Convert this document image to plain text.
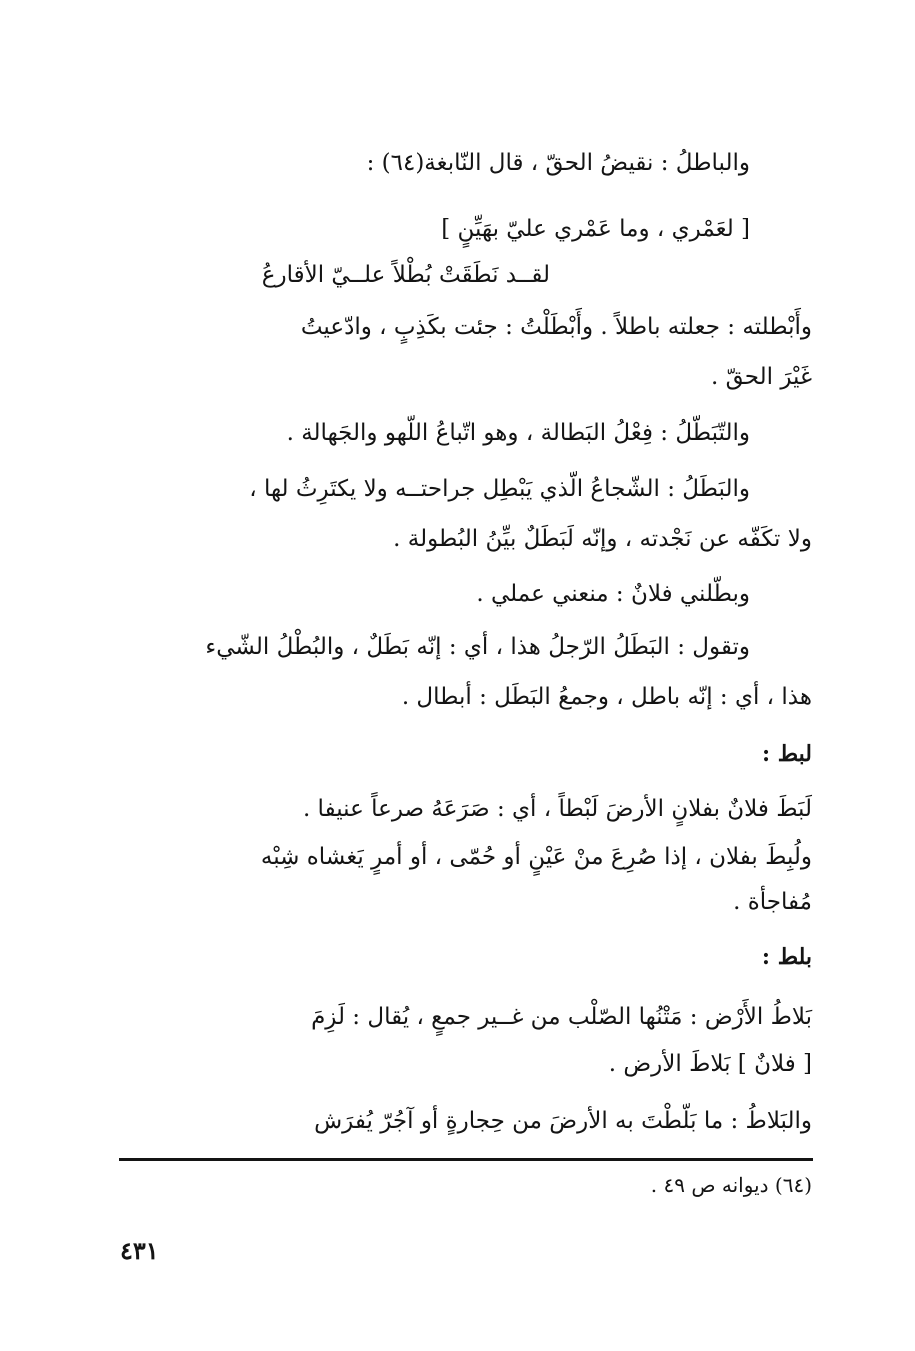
والباطلُ : نقيضُ الحقّ ، قال النّابغة(٦٤) :
[ لعَمْري ، وما عَمْري عليّ بهَيِّنٍ ]
لقــد نَطَقَتْ بُطْلاً علــيّ الأقارعُ
وأَبْطلته : جعلته باطلاً . وأَبْطَلْتُ : جئت بكَذِبٍ ، وادّعيتُ
غَيْرَ الحقّ .
والتّبَطّلُ : فِعْلُ البَطالة ، وهو اتّباعُ اللّهو والجَهالة .
والبَطَلُ : الشّجاعُ الّذي يَبْطِل جراحتــه ولا يكتَرِثُ لها ،
ولا تكَفّه عن نَجْدته ، وإنّه لَبَطَلٌ بيِّنُ البُطولة .
وبطّلني فلانٌ : منعني عملي .
وتقول : البَطَلُ الرّجلُ هذا ، أي : إنّه بَطَلٌ ، والبُطْلُ الشّيء
هذا ، أي : إنّه باطل ، وجمعُ البَطَل : أبطال .
لبط :
لَبَطَ فلانٌ بفلانٍ الأرضَ لَبْطاً ، أي : صَرَعَهُ صرعاً عنيفا .
ولُبِطَ بفلان ، إذا صُرِعَ منْ عَيْنٍ أو حُمّى ، أو أمرٍ يَغشاه شِبْه
مُفاجأة .
بلط :
بَلاطُ الأَرْض : مَتْنُها الصّلْب من غــير جمعٍ ، يُقال : لَزِمَ
[ فلانٌ ] بَلاطَ الأرض .
والبَلاطُ : ما بَلّطْتَ به الأرضَ من حِجارةٍ أو آجُرّ يُفرَش
(٦٤) ديوانه ص ٤٩ .
٤٣١
